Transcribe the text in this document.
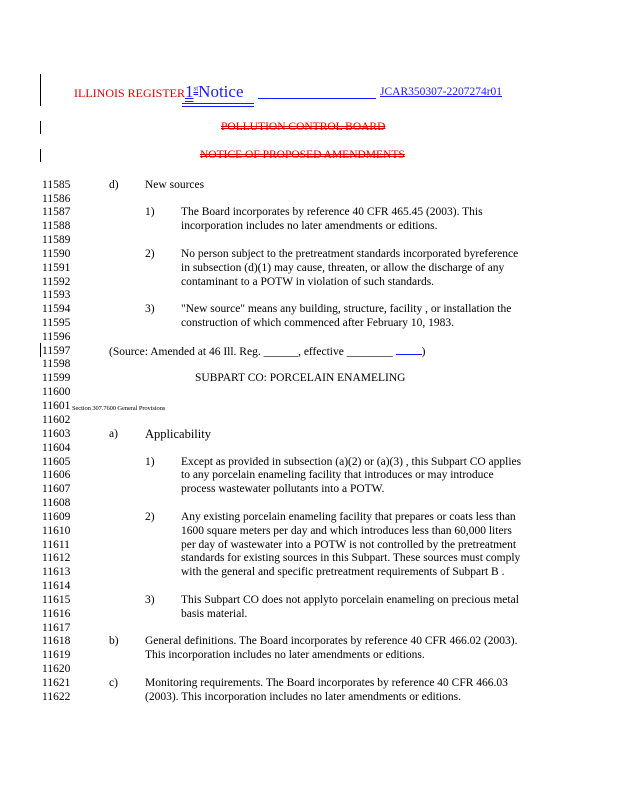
ILLINOIS REGISTER1stNotice	JCAR350307-2207274r01
POLLUTION CONTROL BOARD
NOTICE OF PROPOSED AMENDMENTS
11585
11586
11587
11588
11589
11590
11591
11592
11593
11594
11595
11596
11597
11598
11599
11600
11601
11602
11603
11604
11605
11606
11607
11608
11609
11610
11611
11612
11613
11614
11615
11616
11617
11618
11619
11620
11621
11622
d) New sources
1) The Board incorporates by reference 40 CFR 465.45 (2003). This
incorporation includes no later amendments or editions.
2) No person subject to the pretreatment standards incorporated byreference
in subsection (d)(1) may cause, threaten, or allow the discharge of any
contaminant to a POTW in violation of such standards.
3) "New source" means any building, structure, facility , or installation the
construction of which commenced after February 10, 1983.
(Source: Amended at 46 Ill. Reg. ______, effective ________ )
SUBPART CO: PORCELAIN ENAMELING
Section 307.7600 General Provisions
a) Applicability
1) Except as provided in subsection (a)(2) or (a)(3) , this Subpart CO applies
to any porcelain enameling facility that introduces or may introduce
process wastewater pollutants into a POTW.
2) Any existing porcelain enameling facility that prepares or coats less than
1600 square meters per day and which introduces less than 60,000 liters
per day of wastewater into a POTW is not controlled by the pretreatment
standards for existing sources in this Subpart. These sources must comply
with the general and specific pretreatment requirements of Subpart B .
3) This Subpart CO does not applyto porcelain enameling on precious metal
basis material.
b) General definitions. The Board incorporates by reference 40 CFR 466.02 (2003).
This incorporation includes no later amendments or editions.
c) Monitoring requirements. The Board incorporates by reference 40 CFR 466.03
(2003). This incorporation includes no later amendments or editions.
